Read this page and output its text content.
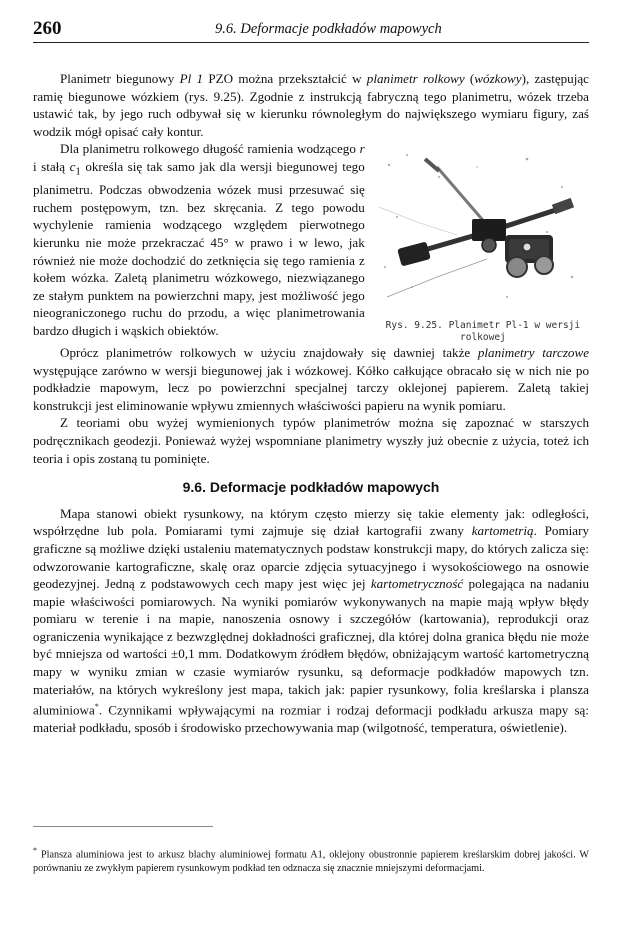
260	9.6. Deformacje podkładów mapowych

Planimetr biegunowy Pl 1 PZO można przekształcić w planimetr rolkowy (wózkowy), zastępując ramię biegunowe wózkiem (rys. 9.25). Zgodnie z instrukcją fabryczną tego planimetru, wózek trzeba ustawić tak, by jego ruch odbywał się w kierunku równoległym do największego wymiaru figury, zaś wodzik mógł opisać cały kontur.

Dla planimetru rolkowego długość ramienia wodzącego r i stałą $c_1$ określa się tak samo jak dla wersji biegunowej tego planimetru. Podczas obwodzenia wózek musi przesuwać się ruchem postępowym, tzn. bez skręcania. Z tego powodu wychylenie ramienia wodzącego względem pierwotnego kierunku nie może przekraczać 45° w prawo i w lewo, jak również nie może dochodzić do zetknięcia się tego ramienia z kołem wózka. Zaletą planimetru wózkowego, niezwiązanego ze stałym punktem na powierzchni mapy, jest możliwość jego nieograniczonego ruchu do przodu, a więc planimetrowania bardzo długich i wąskich obiektów.	Rys. 9.25. Planimetr Pl-1 w wersji
rolkowej

Oprócz planimetrów rolkowych w użyciu znajdowały się dawniej także planimetry tarczowe występujące zarówno w wersji biegunowej jak i wózkowej. Kółko całkujące obracało się w nich nie po podkładzie mapowym, lecz po powierzchni specjalnej tarczy oklejonej papierem. Zaletą takiej konstrukcji jest eliminowanie wpływu zmiennych właściwości papieru na wynik pomiaru.

Z teoriami obu wyżej wymienionych typów planimetrów można się zapoznać w starszych podręcznikach geodezji. Ponieważ wyżej wspomniane planimetry wyszły już obecnie z użycia, toteż ich teoria i opis zostaną tu pominięte.

9.6. Deformacje podkładów mapowych

Mapa stanowi obiekt rysunkowy, na którym często mierzy się takie elementy jak: odległości, współrzędne lub pola. Pomiarami tymi zajmuje się dział kartografii zwany kartometrią. Pomiary graficzne są możliwe dzięki ustaleniu matematycznych podstaw konstrukcji mapy, do których zalicza się: odwzorowanie kartograficzne, skalę oraz oparcie zdjęcia sytuacyjnego i wysokościowego na osnowie geodezyjnej. Jedną z podstawowych cech mapy jest więc jej kartometryczność polegająca na nadaniu mapie właściwości pomiarowych. Na wyniki pomiarów wykonywanych na mapie mają wpływ błędy pomiaru w terenie i na mapie, nanoszenia osnowy i szczegółów (kartowania), reprodukcji oraz ograniczenia wynikające z bezwzględnej dokładności graficznej, dla której dolna granica błędu nie może być mniejsza od wartości ±0,1 mm. Dodatkowym źródłem błędów, obniżającym wartość kartometryczną mapy w wyniku zmian w czasie wymiarów rysunku, są deformacje podkładów mapowych tzn. materiałów, na których wykreślony jest mapa, takich jak: papier rysunkowy, folia kreślarska i plansza aluminiowa*. Czynnikami wpływającymi na rozmiar i rodzaj deformacji podkładu arkusza mapy są: materiał podkładu, sposób i środowisko przechowywania map (wilgotność, temperatura, oświetlenie).

* Plansza aluminiowa jest to arkusz blachy aluminiowej formatu A1, oklejony obustronnie papierem kreślarskim dobrej jakości. W porównaniu ze zwykłym papierem rysunkowym podkład ten odznacza się znacznie mniejszymi deformacjami.
